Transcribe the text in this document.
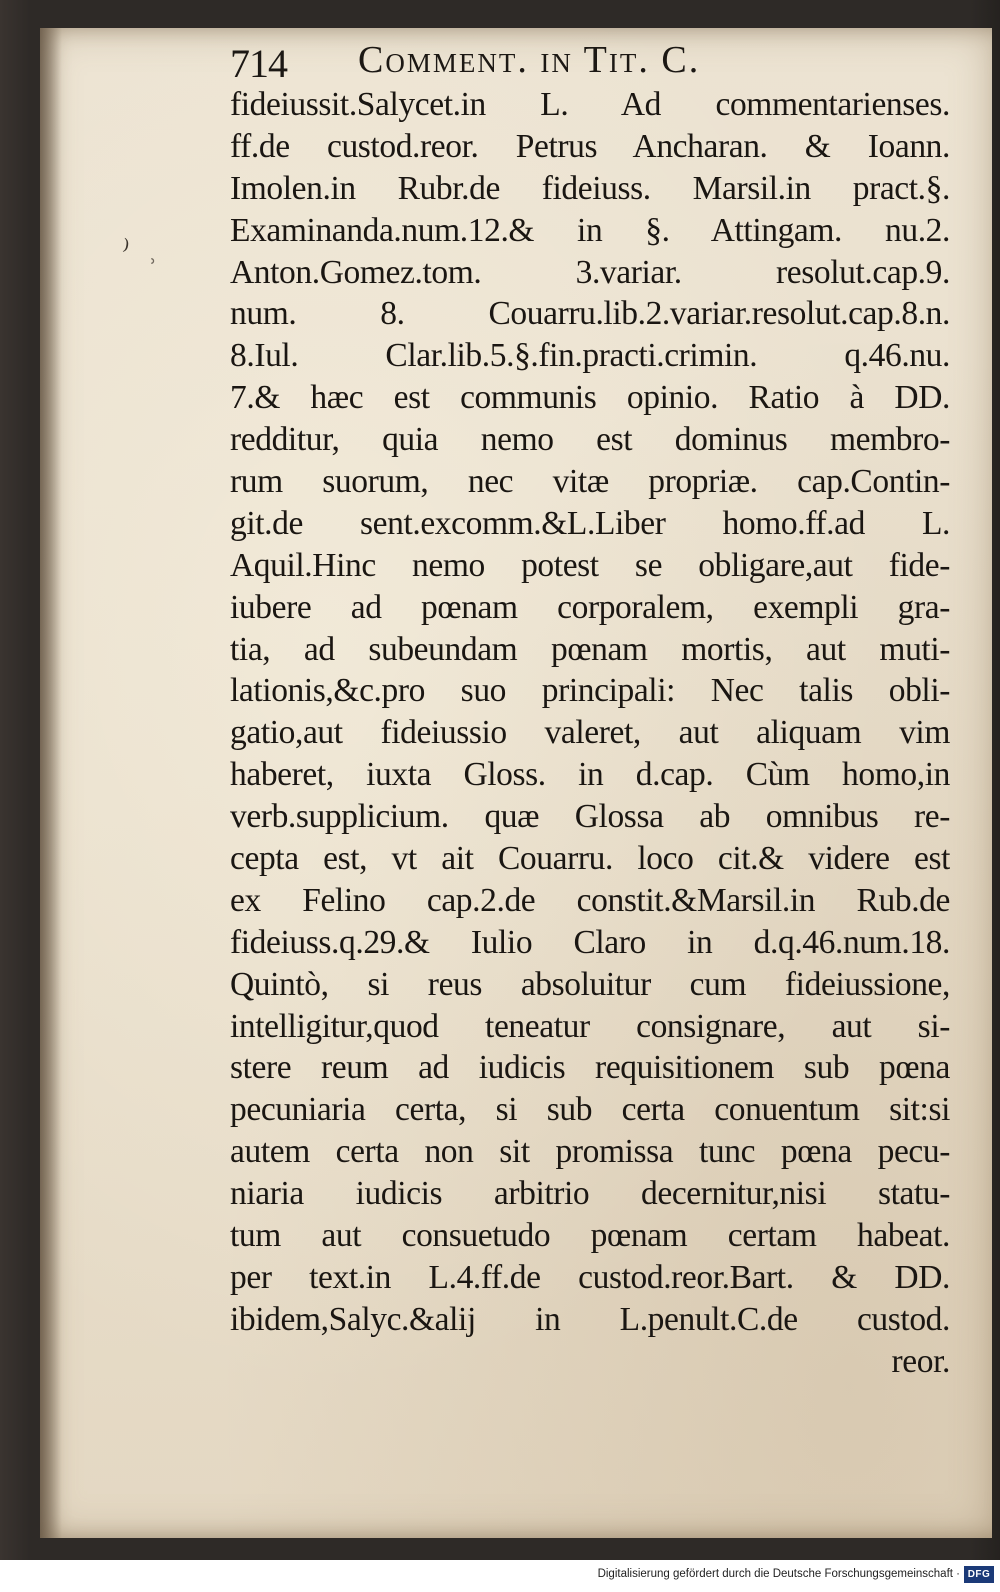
⁾
ʾ
714 Comment. in Tit. C.
fideiussit.Salycet.in L. Ad commentarienses.
ff.de custod.reor. Petrus Ancharan. & Ioann.
Imolen.in Rubr.de fideiuss. Marsil.in pract.§.
Examinanda.num.12.& in §. Attingam. nu.2.
Anton.Gomez.tom. 3.variar. resolut.cap.9.
num. 8. Couarru.lib.2.variar.resolut.cap.8.n.
8.Iul. Clar.lib.5.§.fin.practi.crimin. q.46.nu.
7.& hæc est communis opinio. Ratio à DD.
redditur, quia nemo est dominus membro-
rum suorum, nec vitæ propriæ. cap.Contin-
git.de sent.excomm.&L.Liber homo.ff.ad L.
Aquil.Hinc nemo potest se obligare,aut fide-
iubere ad pœnam corporalem, exempli gra-
tia, ad subeundam pœnam mortis, aut muti-
lationis,&c.pro suo principali: Nec talis obli-
gatio,aut fideiussio valeret, aut aliquam vim
haberet, iuxta Gloss. in d.cap. Cùm homo,in
verb.supplicium. quæ Glossa ab omnibus re-
cepta est, vt ait Couarru. loco cit.& videre est
ex Felino cap.2.de constit.&Marsil.in Rub.de
fideiuss.q.29.& Iulio Claro in d.q.46.num.18.
Quintò, si reus absoluitur cum fideiussione,
intelligitur,quod teneatur consignare, aut si-
stere reum ad iudicis requisitionem sub pœna
pecuniaria certa, si sub certa conuentum sit:si
autem certa non sit promissa tunc pœna pecu-
niaria iudicis arbitrio decernitur,nisi statu-
tum aut consuetudo pœnam certam habeat.
per text.in L.4.ff.de custod.reor.Bart. & DD.
ibidem,Salyc.&alij in L.penult.C.de custod.
reor.
Digitalisierung gefördert durch die Deutsche Forschungsgemeinschaft · DFG
